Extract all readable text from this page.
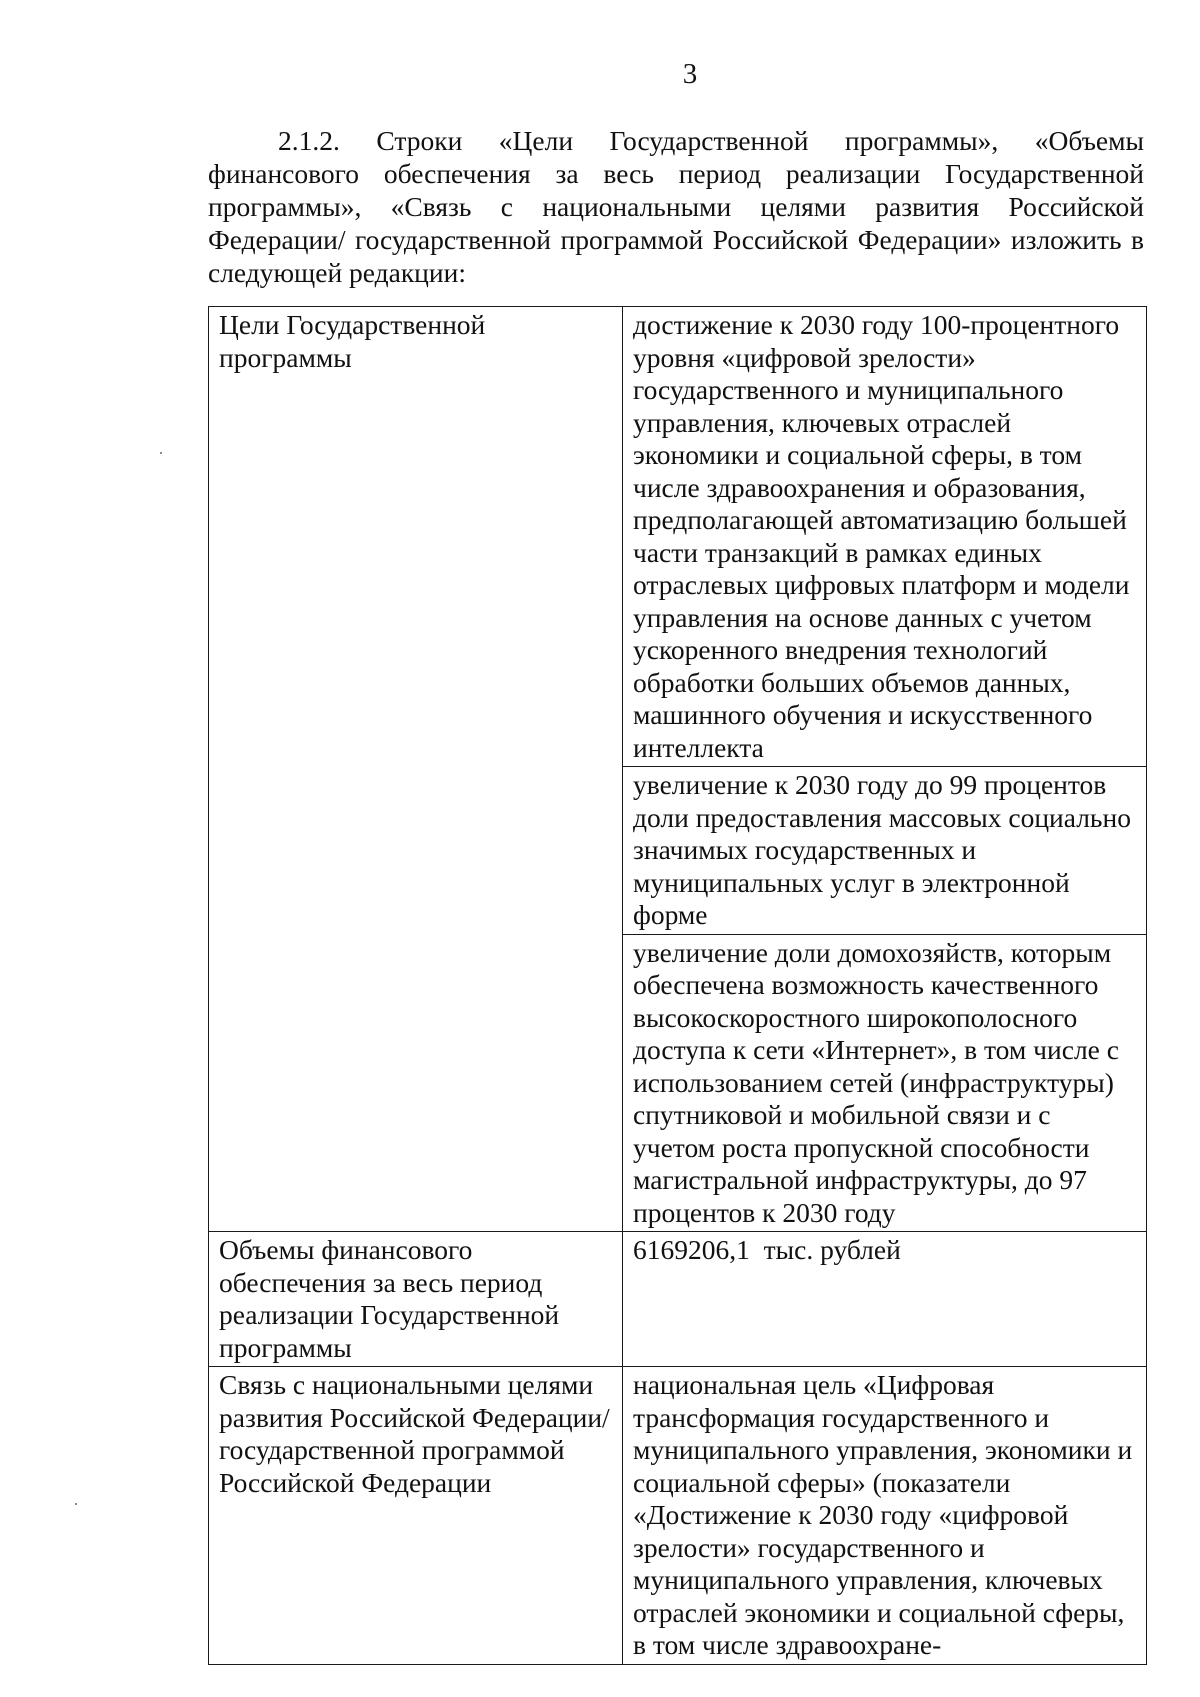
3

2.1.2. Строки «Цели Государственной программы», «Объемы финансового обеспечения за весь период реализации Государственной программы», «Связь с национальными целями развития Российской Федерации/ государственной программой Российской Федерации» изложить в следующей редакции:

Цели Государственной программы	достижение к 2030 году 100-процентного уровня «цифровой зрелости» государственного и муниципального управления, ключевых отраслей экономики и социальной сферы, в том числе здравоохранения и образования, предполагающей автоматизацию большей части транзакций в рамках единых отраслевых цифровых платформ и модели управления на основе данных с учетом ускоренного внедрения технологий обработки больших объемов данных, машинного обучения и искусственного интеллекта
	увеличение к 2030 году до 99 процентов доли предоставления массовых социально значимых государственных и муниципальных услуг в электронной форме
	увеличение доли домохозяйств, которым обеспечена возможность качественного высокоскоростного широкополосного доступа к сети «Интернет», в том числе с использованием сетей (инфраструктуры) спутниковой и мобильной связи и с учетом роста пропускной способности магистральной инфраструктуры, до 97 процентов к 2030 году
Объемы финансового обеспечения за весь период реализации Государственной программы	6169206,1  тыс. рублей
Связь с национальными целями развития Российской Федерации/ государственной программой Российской Федерации	национальная цель «Цифровая трансформация государственного и муниципального управления, экономики и социальной сферы» (показатели «Достижение к 2030 году «цифровой зрелости» государственного и муниципального управления, ключевых отраслей экономики и социальной сферы, в том числе здравоохране-
